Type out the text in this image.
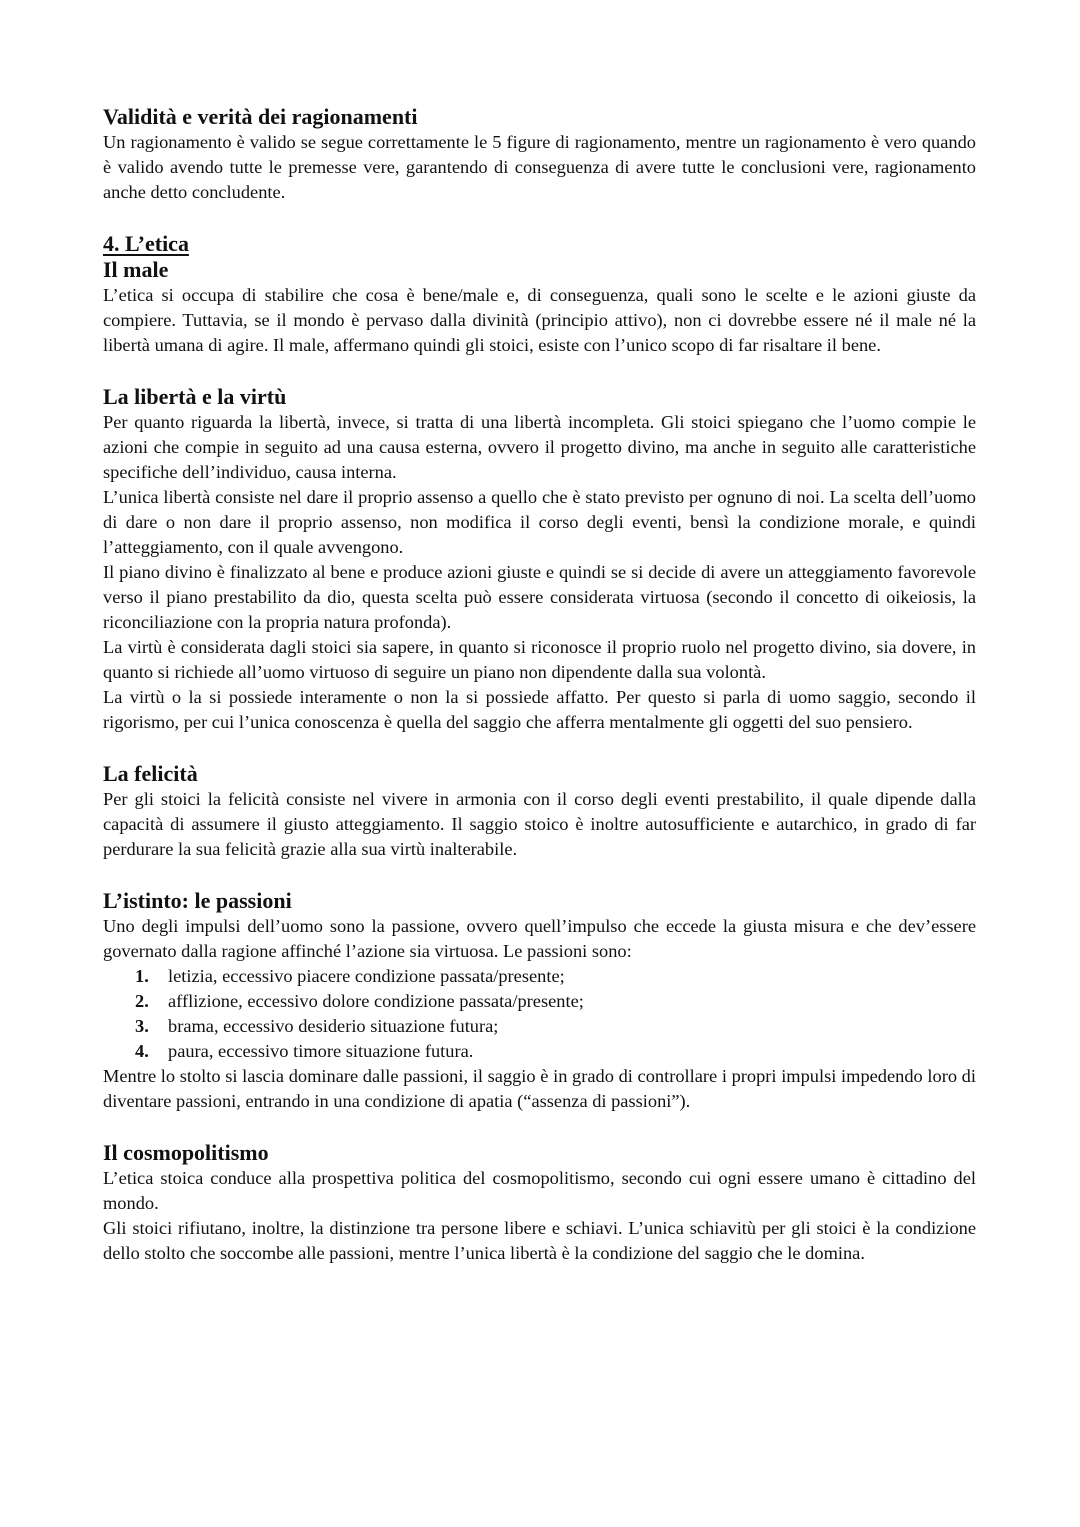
Validità e verità dei ragionamenti

Un ragionamento è valido se segue correttamente le 5 figure di ragionamento, mentre un ragionamento è vero quando è valido avendo tutte le premesse vere, garantendo di conseguenza di avere tutte le conclusioni vere, ragionamento anche detto concludente.

4. L’etica
Il male

L’etica si occupa di stabilire che cosa è bene/male e, di conseguenza, quali sono le scelte e le azioni giuste da compiere. Tuttavia, se il mondo è pervaso dalla divinità (principio attivo), non ci dovrebbe essere né il male né la libertà umana di agire. Il male, affermano quindi gli stoici, esiste con l’unico scopo di far risaltare il bene.

La libertà e la virtù

Per quanto riguarda la libertà, invece, si tratta di una libertà incompleta. Gli stoici spiegano che l’uomo compie le azioni che compie in seguito ad una causa esterna, ovvero il progetto divino, ma anche in seguito alle caratteristiche specifiche dell’individuo, causa interna.

L’unica libertà consiste nel dare il proprio assenso a quello che è stato previsto per ognuno di noi. La scelta dell’uomo di dare o non dare il proprio assenso, non modifica il corso degli eventi, bensì la condizione morale, e quindi l’atteggiamento, con il quale avvengono.

Il piano divino è finalizzato al bene e produce azioni giuste e quindi se si decide di avere un atteggiamento favorevole verso il piano prestabilito da dio, questa scelta può essere considerata virtuosa (secondo il concetto di oikeiosis, la riconciliazione con la propria natura profonda).

La virtù è considerata dagli stoici sia sapere, in quanto si riconosce il proprio ruolo nel progetto divino, sia dovere, in quanto si richiede all’uomo virtuoso di seguire un piano non dipendente dalla sua volontà.

La virtù o la si possiede interamente o non la si possiede affatto. Per questo si parla di uomo saggio, secondo il rigorismo, per cui l’unica conoscenza è quella del saggio che afferra mentalmente gli oggetti del suo pensiero.

La felicità

Per gli stoici la felicità consiste nel vivere in armonia con il corso degli eventi prestabilito, il quale dipende dalla capacità di assumere il giusto atteggiamento. Il saggio stoico è inoltre autosufficiente e autarchico, in grado di far perdurare la sua felicità grazie alla sua virtù inalterabile.

L’istinto: le passioni

Uno degli impulsi dell’uomo sono la passione, ovvero quell’impulso che eccede la giusta misura e che dev’essere governato dalla ragione affinché l’azione sia virtuosa. Le passioni sono:

1. letizia, eccessivo piacere condizione passata/presente;
2. afflizione, eccessivo dolore condizione passata/presente;
3. brama, eccessivo desiderio situazione futura;
4. paura, eccessivo timore situazione futura.

Mentre lo stolto si lascia dominare dalle passioni, il saggio è in grado di controllare i propri impulsi impedendo loro di diventare passioni, entrando in una condizione di apatia (“assenza di passioni”).

Il cosmopolitismo

L’etica stoica conduce alla prospettiva politica del cosmopolitismo, secondo cui ogni essere umano è cittadino del mondo.

Gli stoici rifiutano, inoltre, la distinzione tra persone libere e schiavi. L’unica schiavitù per gli stoici è la condizione dello stolto che soccombe alle passioni, mentre l’unica libertà è la condizione del saggio che le domina.
